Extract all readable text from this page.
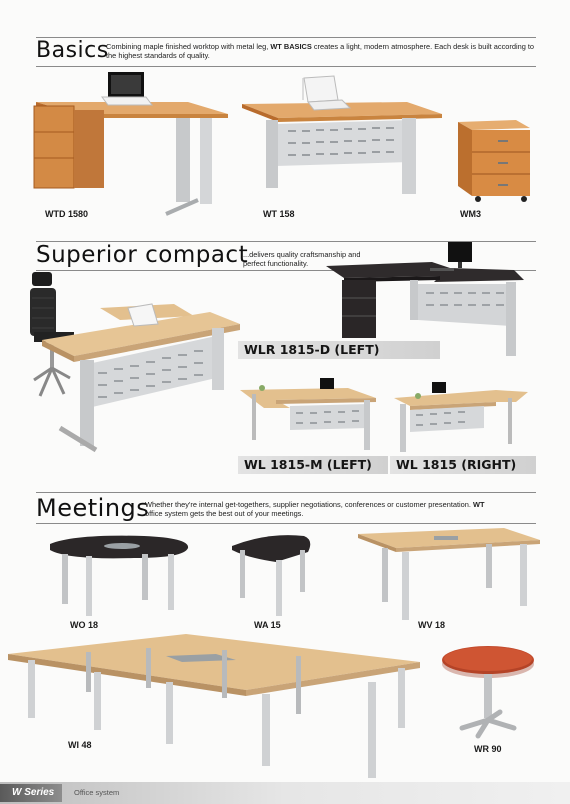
Basics
Combining maple finished worktop with metal leg, WT BASICS creates a light, modern atmosphere. Each desk is built according to the highest standards of quality.
WTD 1580	WT 158	WM3
Superior compact
...delivers quality craftsmanship and perfect functionality.
WLR 1815-D (LEFT)
WL 1815-M (LEFT)	WL 1815 (RIGHT)
Meetings
Whether they're internal get-togethers, supplier negotiations, conferences or customer presentation. WT office system gets the best out of your meetings.
WO 18	WA 15	WV 18
WI 48	WR 90
W Series	Office system
